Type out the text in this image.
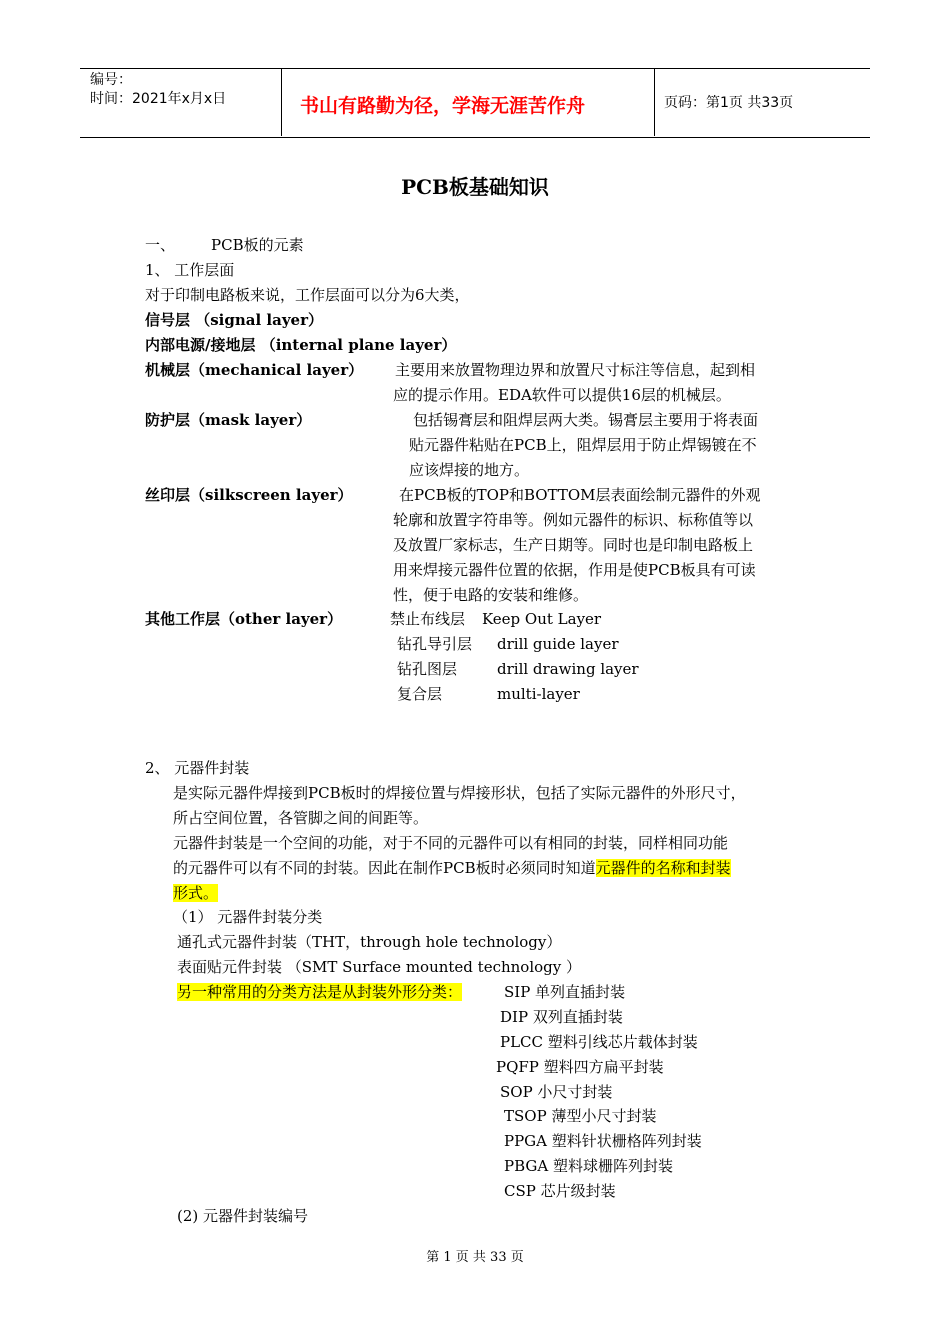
编号：
时间：2021年x月x日	书山有路勤为径，学海无涯苦作舟	页码：第1页 共33页
PCB板基础知识
一、 PCB板的元素
1、 工作层面
对于印制电路板来说，工作层面可以分为6大类，
信号层 （signal layer）
内部电源/接地层 （internal plane layer）
机械层（mechanical layer） 主要用来放置物理边界和放置尺寸标注等信息，起到相
应的提示作用。EDA软件可以提供16层的机械层。
防护层（mask layer）	包括锡膏层和阻焊层两大类。锡膏层主要用于将表面
贴元器件粘贴在PCB上，阻焊层用于防止焊锡镀在不
应该焊接的地方。
丝印层（silkscreen layer）	在PCB板的TOP和BOTTOM层表面绘制元器件的外观
轮廓和放置字符串等。例如元器件的标识、标称值等以
及放置厂家标志，生产日期等。同时也是印制电路板上
用来焊接元器件位置的依据，作用是使PCB板具有可读
性，便于电路的安装和维修。
其他工作层（other layer）	禁止布线层 Keep Out Layer
钻孔导引层 drill guide layer
钻孔图层	drill drawing layer
复合层	multi-layer
2、 元器件封装
是实际元器件焊接到PCB板时的焊接位置与焊接形状，包括了实际元器件的外形尺寸，
所占空间位置，各管脚之间的间距等。
元器件封装是一个空间的功能，对于不同的元器件可以有相同的封装，同样相同功能
的元器件可以有不同的封装。因此在制作PCB板时必须同时知道元器件的名称和封装
形式。
（1） 元器件封装分类
通孔式元器件封装（THT，through hole technology）
表面贴元件封装 （SMT Surface mounted technology ）
另一种常用的分类方法是从封装外形分类：	SIP 单列直插封装
DIP 双列直插封装
PLCC 塑料引线芯片载体封装
PQFP 塑料四方扁平封装
SOP 小尺寸封装
TSOP 薄型小尺寸封装
PPGA 塑料针状栅格阵列封装
PBGA 塑料球栅阵列封装
CSP 芯片级封装
(2) 元器件封装编号
第 1 页 共 33 页
